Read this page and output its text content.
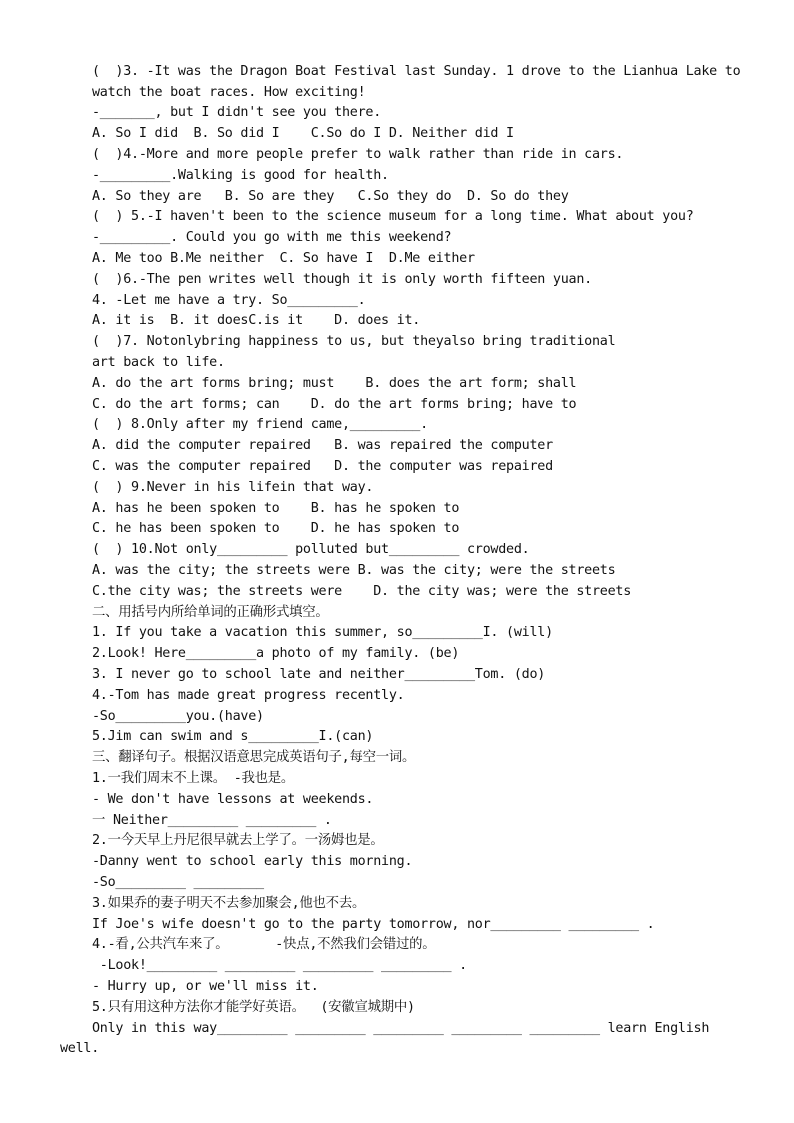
(  )3. -It was the Dragon Boat Festival last Sunday. 1 drove to the Lianhua Lake to
watch the boat races. How exciting!
-_______, but I didn't see you there.
A. So I did  B. So did I    C.So do I D. Neither did I
(  )4.-More and more people prefer to walk rather than ride in cars.
-_________.Walking is good for health.
A. So they are   B. So are they   C.So they do  D. So do they
(  ) 5.-I haven't been to the science museum for a long time. What about you?
-_________. Could you go with me this weekend?
A. Me too B.Me neither  C. So have I  D.Me either
(  )6.-The pen writes well though it is only worth fifteen yuan.
4. -Let me have a try. So_________.
A. it is  B. it doesC.is it    D. does it.
(  )7. Notonlybring happiness to us, but theyalso bring traditional
art back to life.
A. do the art forms bring; must    B. does the art form; shall
C. do the art forms; can    D. do the art forms bring; have to
(  ) 8.Only after my friend came,_________.
A. did the computer repaired   B. was repaired the computer
C. was the computer repaired   D. the computer was repaired
(  ) 9.Never in his lifein that way.
A. has he been spoken to    B. has he spoken to
C. he has been spoken to    D. he has spoken to
(  ) 10.Not only_________ polluted but_________ crowded.
A. was the city; the streets were B. was the city; were the streets
C.the city was; the streets were    D. the city was; were the streets
二、用括号内所给单词的正确形式填空。
1. If you take a vacation this summer, so_________I. (will)
2.Look! Here_________a photo of my family. (be)
3. I never go to school late and neither_________Tom. (do)
4.-Tom has made great progress recently.
-So_________you.(have)
5.Jim can swim and s_________I.(can)
三、翻译句子。根据汉语意思完成英语句子,每空一词。
1.一我们周末不上课。 -我也是。
- We don't have lessons at weekends.
一 Neither_________ _________ .
2.一今天早上丹尼很早就去上学了。一汤姆也是。
-Danny went to school early this morning.
-So_________ _________
3.如果乔的妻子明天不去参加聚会,他也不去。
If Joe's wife doesn't go to the party tomorrow, nor_________ _________ .
4.-看,公共汽车来了。      -快点,不然我们会错过的。
-Look!_________ _________ _________ _________ .
- Hurry up, or we'll miss it.
5.只有用这种方法你才能学好英语。  (安徽宣城期中)
Only in this way_________ _________ _________ _________ _________ learn English
well.
